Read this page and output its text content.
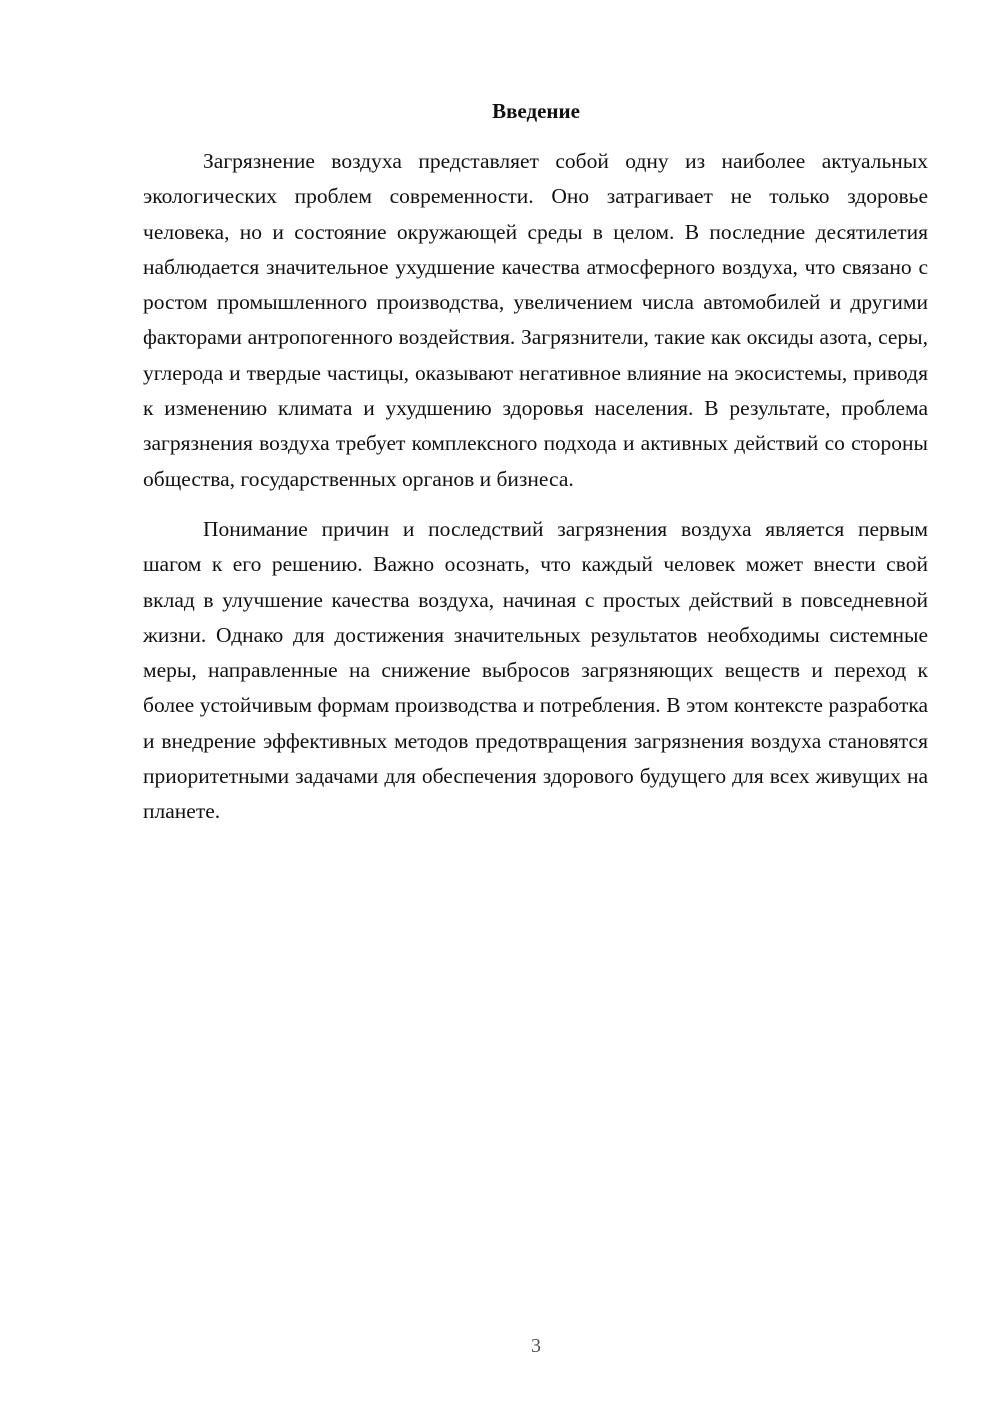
Введение

Загрязнение воздуха представляет собой одну из наиболее актуальных экологических проблем современности. Оно затрагивает не только здоровье человека, но и состояние окружающей среды в целом. В последние десятилетия наблюдается значительное ухудшение качества атмосферного воздуха, что связано с ростом промышленного производства, увеличением числа автомобилей и другими факторами антропогенного воздействия. Загрязнители, такие как оксиды азота, серы, углерода и твердые частицы, оказывают негативное влияние на экосистемы, приводя к изменению климата и ухудшению здоровья населения. В результате, проблема загрязнения воздуха требует комплексного подхода и активных действий со стороны общества, государственных органов и бизнеса.

Понимание причин и последствий загрязнения воздуха является первым шагом к его решению. Важно осознать, что каждый человек может внести свой вклад в улучшение качества воздуха, начиная с простых действий в повседневной жизни. Однако для достижения значительных результатов необходимы системные меры, направленные на снижение выбросов загрязняющих веществ и переход к более устойчивым формам производства и потребления. В этом контексте разработка и внедрение эффективных методов предотвращения загрязнения воздуха становятся приоритетными задачами для обеспечения здорового будущего для всех живущих на планете.

3
